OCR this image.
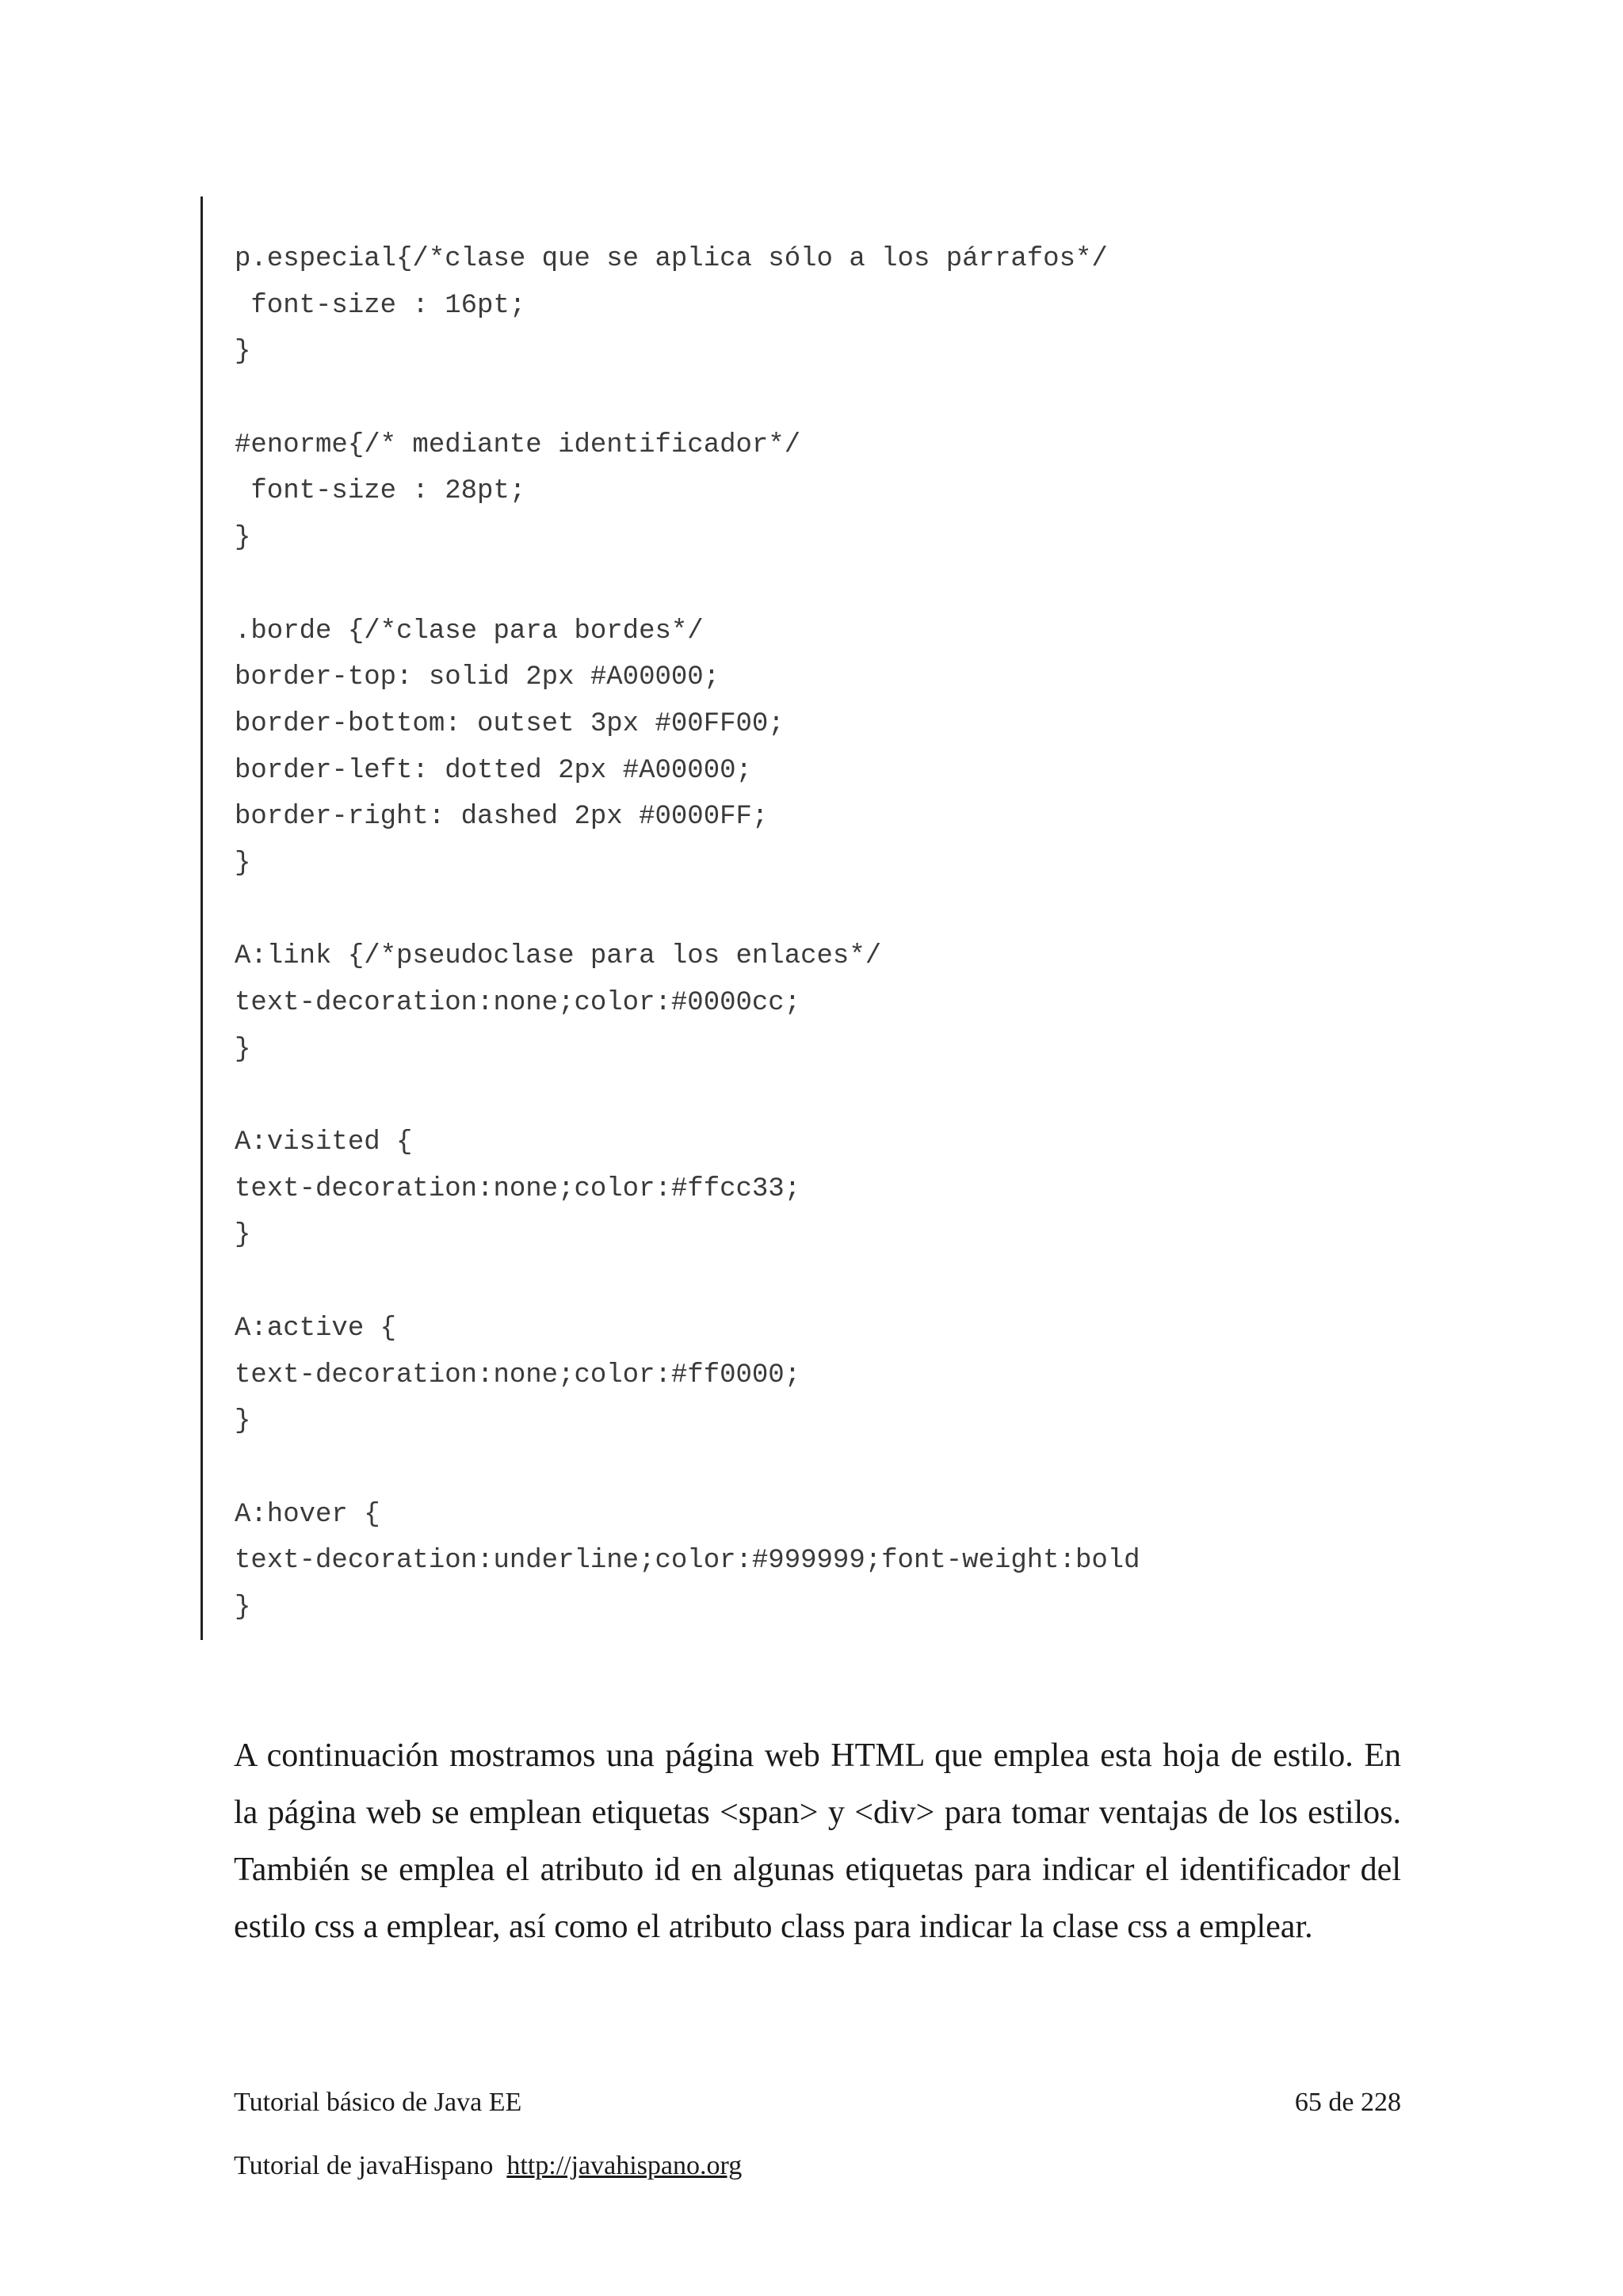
p.especial{/*clase que se aplica sólo a los párrafos*/
font-size : 16pt;
}
#enorme{/* mediante identificador*/
font-size : 28pt;
}
.borde {/*clase para bordes*/
border-top: solid 2px #A00000;
border-bottom: outset 3px #00FF00;
border-left: dotted 2px #A00000;
border-right: dashed 2px #0000FF;
}
A:link {/*pseudoclase para los enlaces*/
text-decoration:none;color:#0000cc;
}
A:visited {
text-decoration:none;color:#ffcc33;
}
A:active {
text-decoration:none;color:#ff0000;
}
A:hover {
text-decoration:underline;color:#999999;font-weight:bold
}

A continuación mostramos una página web HTML que emplea esta hoja de estilo. En la página web se emplean etiquetas <span> y <div> para tomar ventajas de los estilos. También se emplea el atributo id en algunas etiquetas para indicar el identificador del estilo css a emplear, así como el atributo class para indicar la clase css a emplear.

Tutorial básico de Java EE	65 de 228
Tutorial de javaHispano  http://javahispano.org
